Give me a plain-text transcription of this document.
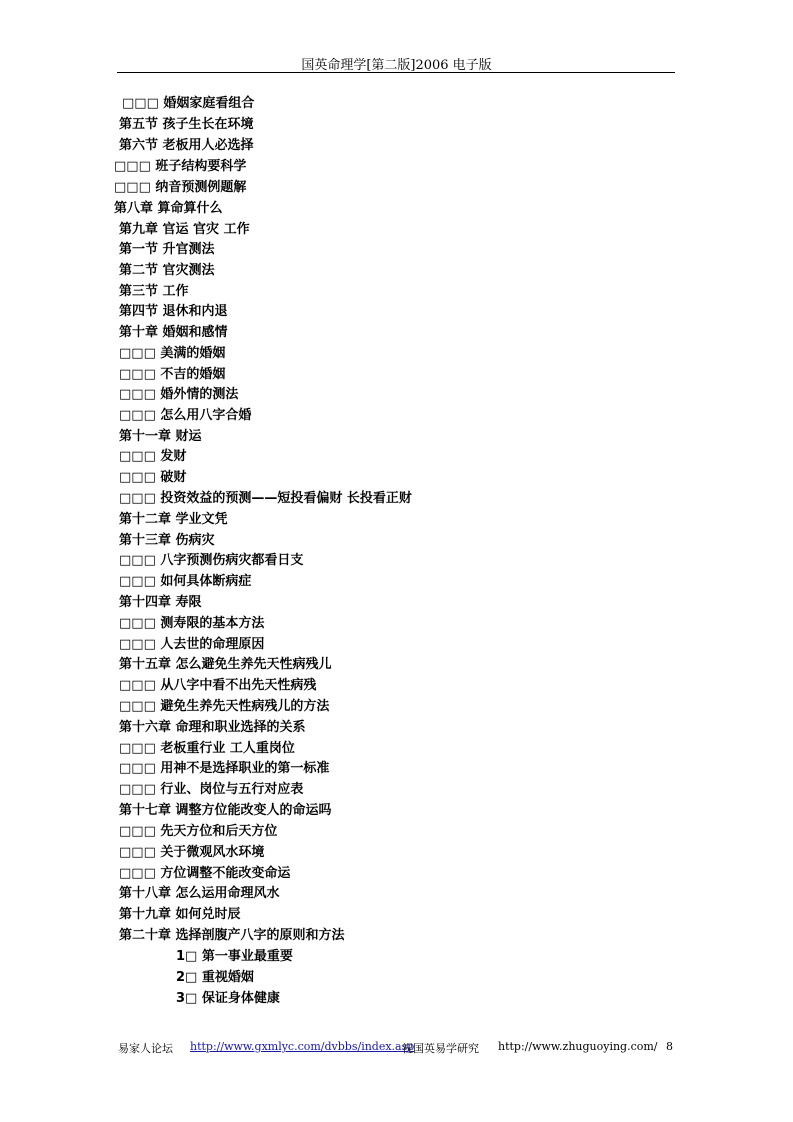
国英命理学[第二版]2006 电子版
□□□ 婚姻家庭看组合
第五节 孩子生长在环境
第六节 老板用人必选择
□□□ 班子结构要科学
□□□ 纳音预测例题解
第八章 算命算什么
第九章 官运 官灾 工作
第一节 升官测法
第二节 官灾测法
第三节 工作
第四节 退休和内退
第十章 婚姻和感情
□□□ 美满的婚姻
□□□ 不吉的婚姻
□□□ 婚外情的测法
□□□ 怎么用八字合婚
第十一章 财运
□□□ 发财
□□□ 破财
□□□ 投资效益的预测——短投看偏财 长投看正财
第十二章 学业文凭
第十三章 伤病灾
□□□ 八字预测伤病灾都看日支
□□□ 如何具体断病症
第十四章 寿限
□□□ 测寿限的基本方法
□□□ 人去世的命理原因
第十五章 怎么避免生养先天性病残儿
□□□ 从八字中看不出先天性病残
□□□ 避免生养先天性病残儿的方法
第十六章 命理和职业选择的关系
□□□ 老板重行业 工人重岗位
□□□ 用神不是选择职业的第一标准
□□□ 行业、岗位与五行对应表
第十七章 调整方位能改变人的命运吗
□□□ 先天方位和后天方位
□□□ 关于微观风水环境
□□□ 方位调整不能改变命运
第十八章 怎么运用命理风水
第十九章 如何兑时辰
第二十章 选择剖腹产八字的原则和方法
1□ 第一事业最重要
2□ 重视婚姻
3□ 保证身体健康
易家人论坛 http://www.gxmlyc.com/dvbbs/index.asp
祝国英易学研究 http://www.zhuguoying.com/ 8
